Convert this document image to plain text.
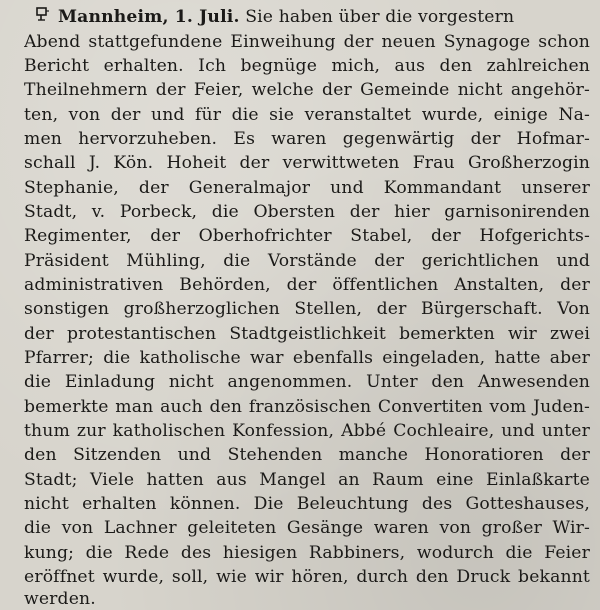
Mannheim, 1. Juli. Sie haben über die vorgestern
Abend stattgefundene Einweihung der neuen Synagoge schon
Bericht erhalten. Ich begnüge mich, aus den zahlreichen
Theilnehmern der Feier, welche der Gemeinde nicht angehör-
ten, von der und für die sie veranstaltet wurde, einige Na-
men hervorzuheben. Es waren gegenwärtig der Hofmar-
schall J. Kön. Hoheit der verwittweten Frau Großherzogin
Stephanie, der Generalmajor und Kommandant unserer
Stadt, v. Porbeck, die Obersten der hier garnisonirenden
Regimenter, der Oberhofrichter Stabel, der Hofgerichts-
Präsident Mühling, die Vorstände der gerichtlichen und
administrativen Behörden, der öffentlichen Anstalten, der
sonstigen großherzoglichen Stellen, der Bürgerschaft. Von
der protestantischen Stadtgeistlichkeit bemerkten wir zwei
Pfarrer; die katholische war ebenfalls eingeladen, hatte aber
die Einladung nicht angenommen. Unter den Anwesenden
bemerkte man auch den französischen Convertiten vom Juden-
thum zur katholischen Konfession, Abbé Cochleaire, und unter
den Sitzenden und Stehenden manche Honoratioren der
Stadt; Viele hatten aus Mangel an Raum eine Einlaßkarte
nicht erhalten können. Die Beleuchtung des Gotteshauses,
die von Lachner geleiteten Gesänge waren von großer Wir-
kung; die Rede des hiesigen Rabbiners, wodurch die Feier
eröffnet wurde, soll, wie wir hören, durch den Druck bekannt
werden.
